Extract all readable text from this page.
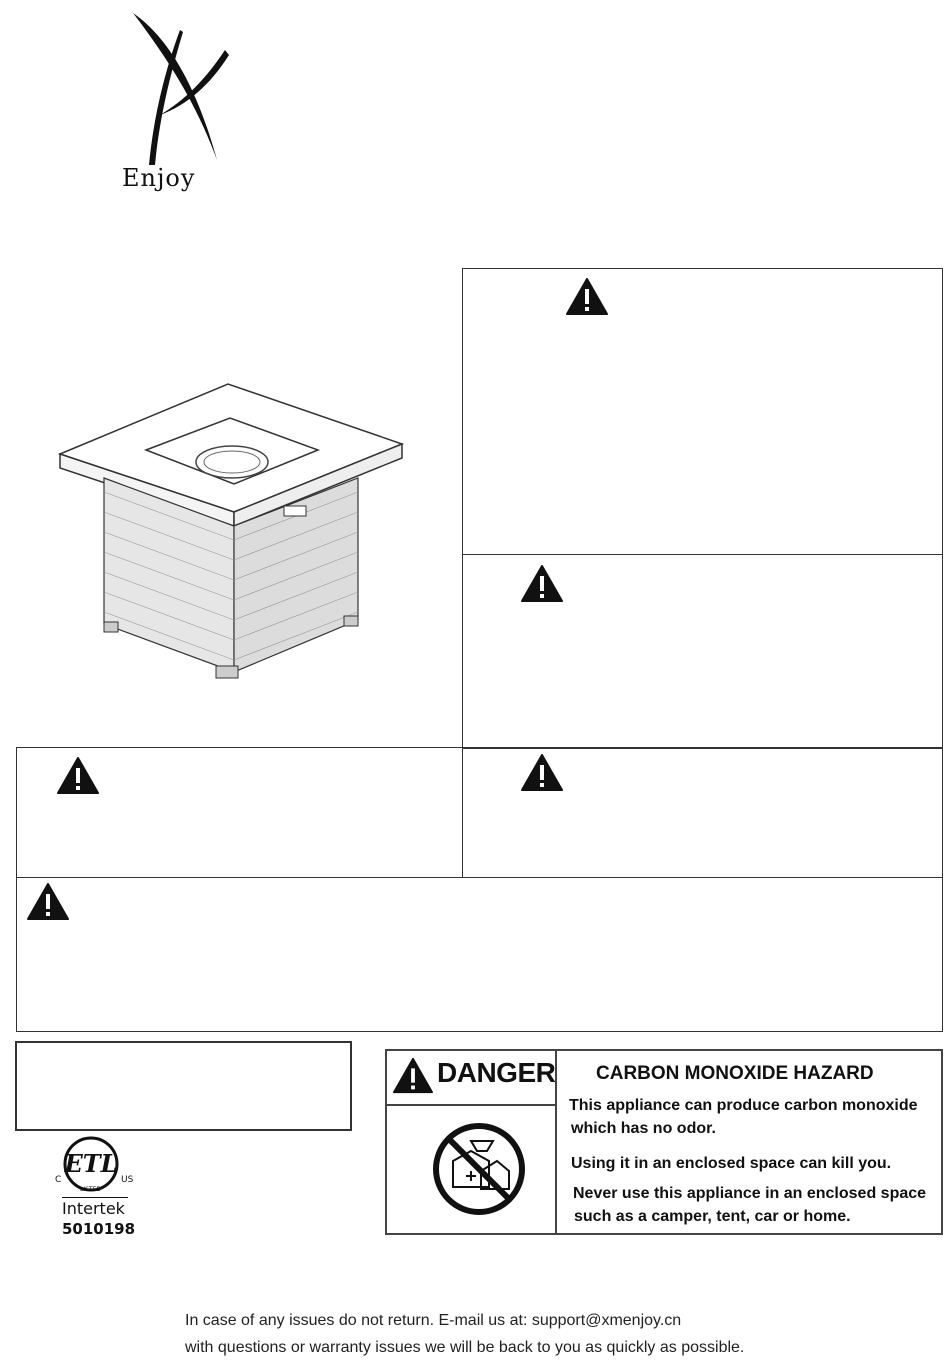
Enjoy
ETL
C	US
LISTED
Intertek
5010198
DANGER CARBON MONOXIDE HAZARD
This appliance can produce carbon monoxide
which has no odor.
Using it in an enclosed space can kill you.
Never use this appliance in an enclosed space
such as a camper, tent, car or home.
In case of any issues do not return. E-mail us at: support@xmenjoy.cn
with questions or warranty issues we will be back to you as quickly as possible.
